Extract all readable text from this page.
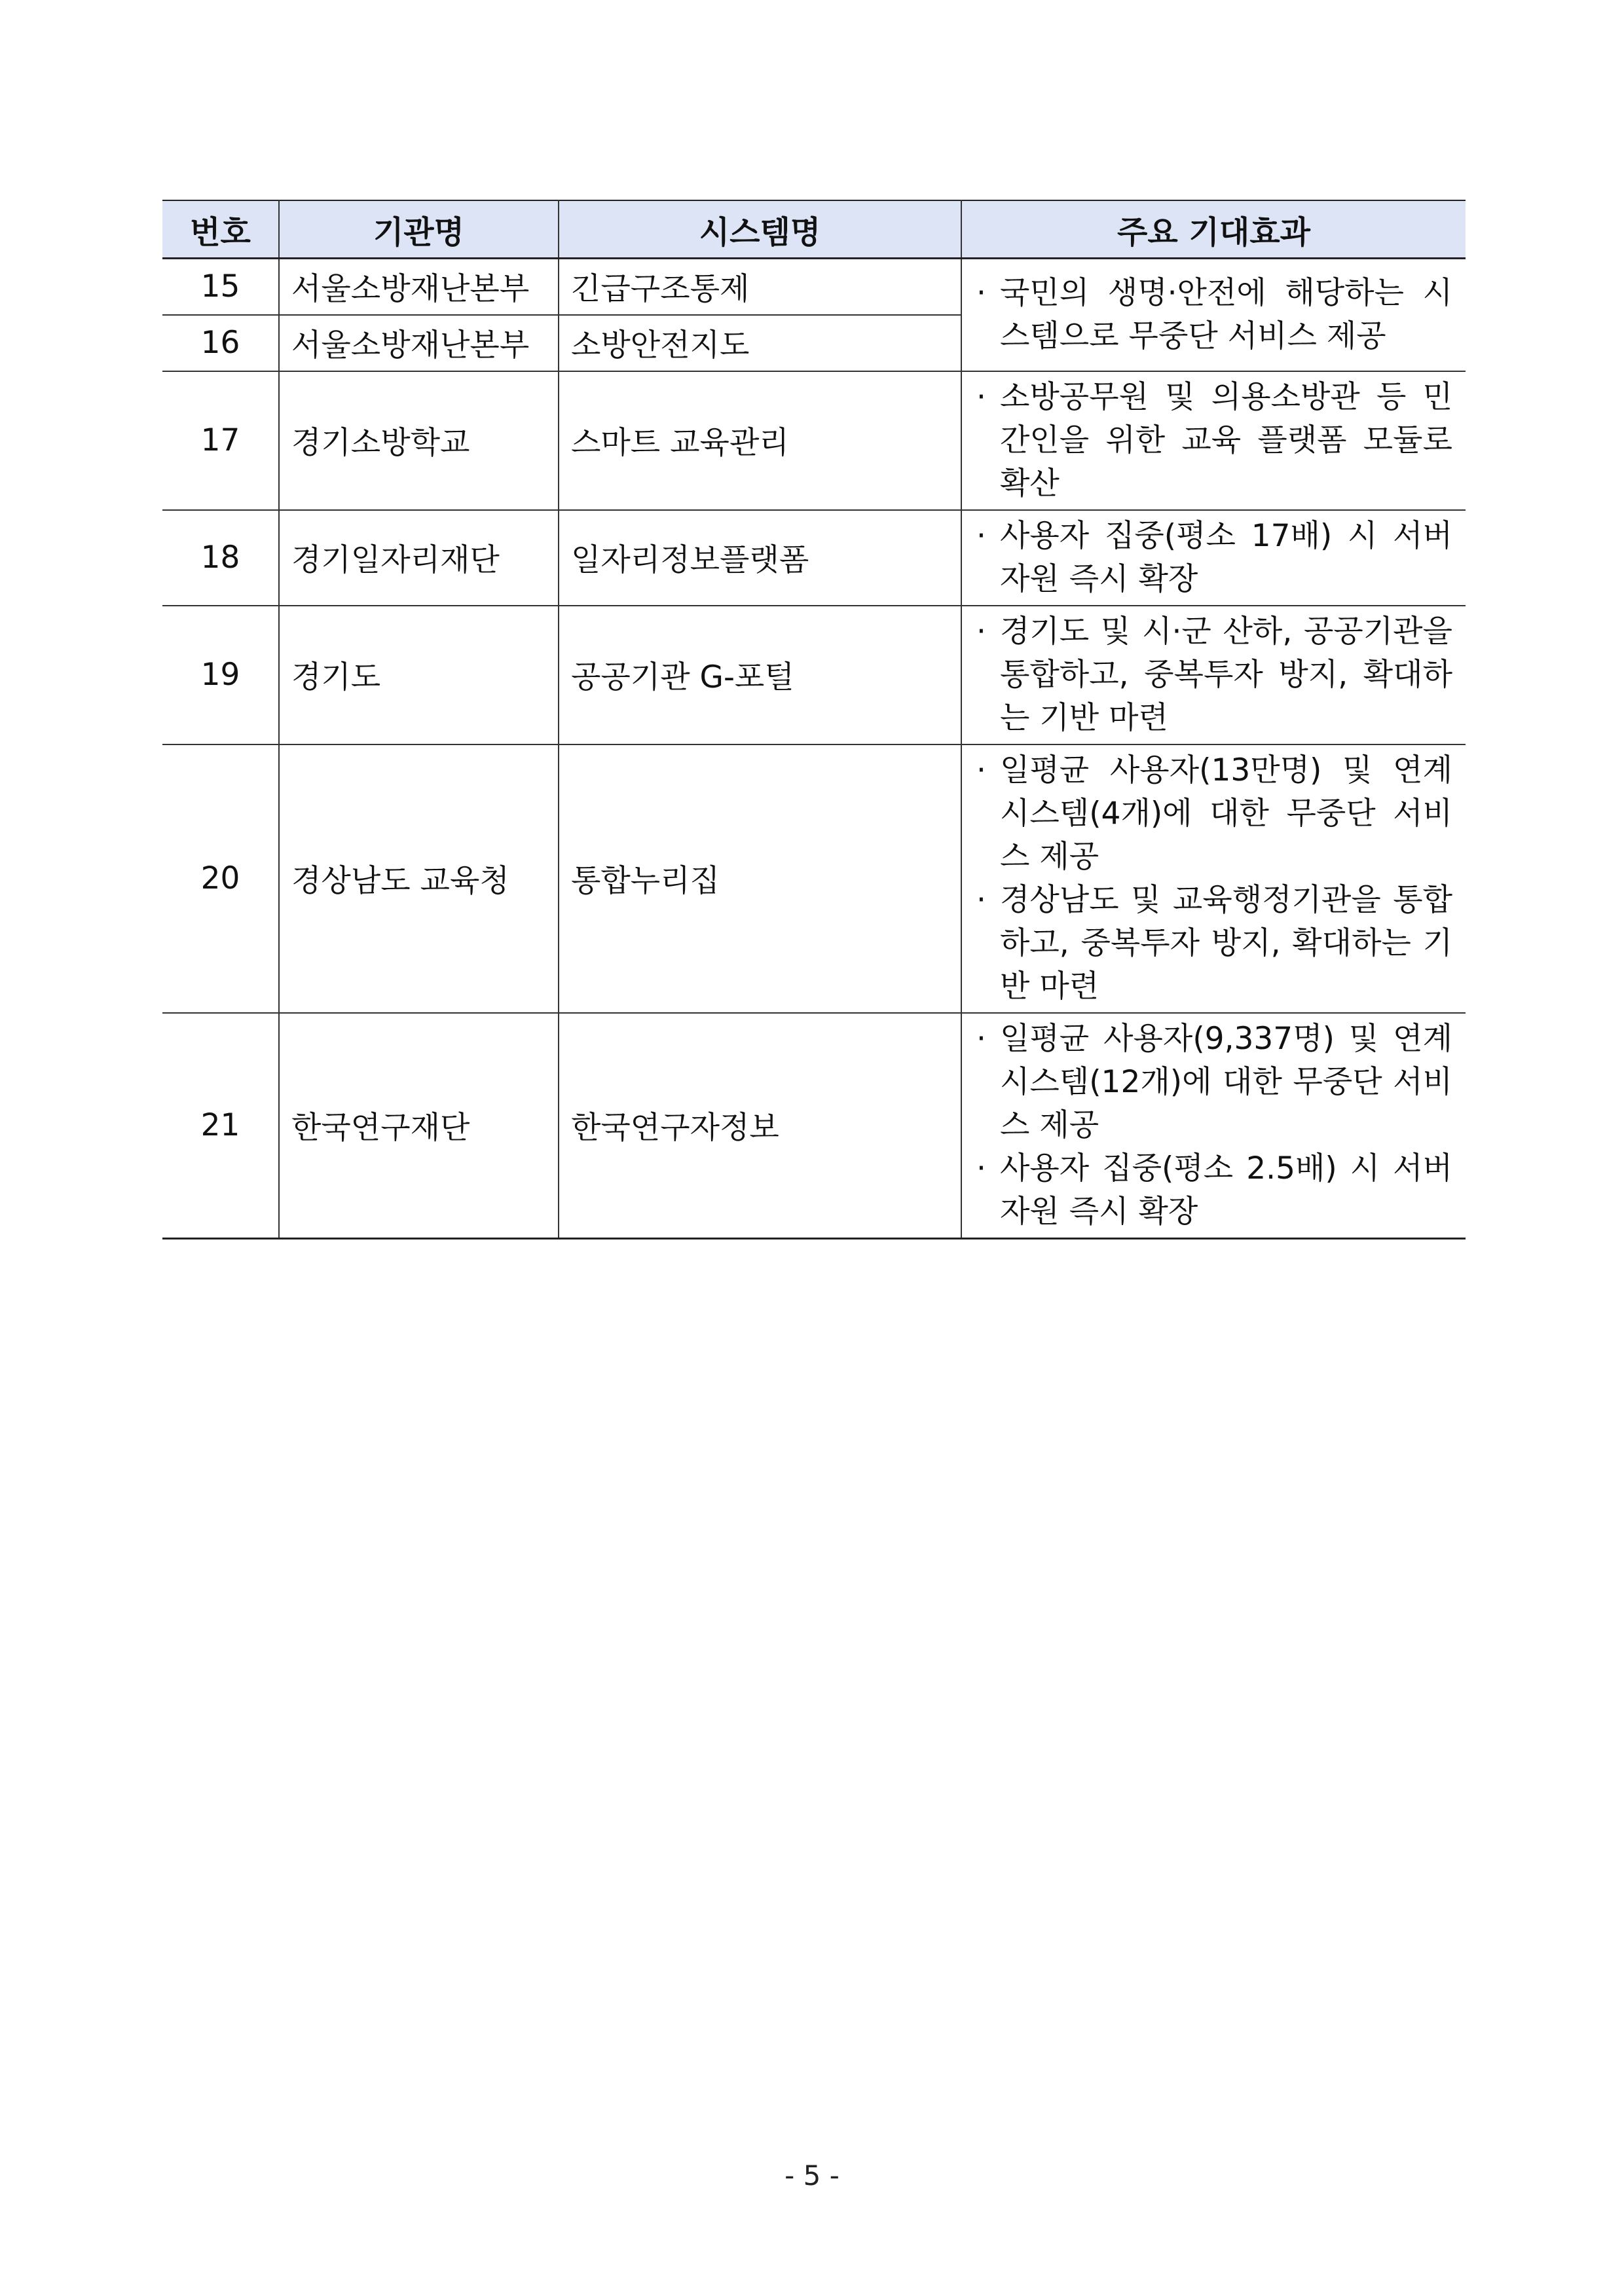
번호	기관명	시스템명	주요 기대효과
15	서울소방재난본부	긴급구조통제	· 국민의 생명·안전에 해당하는 시스템으로 무중단 서비스 제공

16	서울소방재난본부	소방안전지도	
17	경기소방학교	스마트 교육관리	· 소방공무원 및 의용소방관 등 민간인을 위한 교육 플랫폼 모듈로 확산

18	경기일자리재단	일자리정보플랫폼	· 사용자 집중(평소 17배) 시 서버 자원 즉시 확장

19	경기도	공공기관 G-포털	· 경기도 및 시·군 산하, 공공기관을 통합하고, 중복투자 방지, 확대하는 기반 마련

20	경상남도 교육청	통합누리집	· 일평균 사용자(13만명) 및 연계 시스템(4개)에 대한 무중단 서비스 제공
· 경상남도 및 교육행정기관을 통합하고, 중복투자 방지, 확대하는 기반 마련

21	한국연구재단	한국연구자정보	· 일평균 사용자(9,337명) 및 연계 시스템(12개)에 대한 무중단 서비스 제공
· 사용자 집중(평소 2.5배) 시 서버 자원 즉시 확장
- 5 -
